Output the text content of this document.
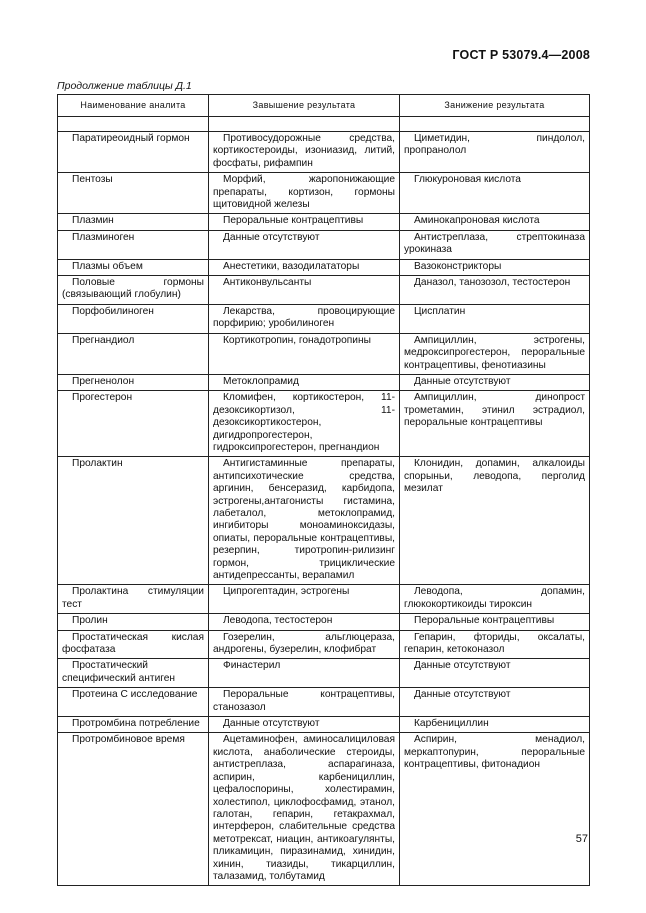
ГОСТ Р 53079.4—2008
Продолжение таблицы Д.1
Наименование аналита	Завышение результата	Занижение результата

Паратиреоидный гормон	Противосудорожные средства, кортикостероиды, изониазид, литий, фосфаты, рифампин	Циметидин, пиндолол, пропранолол

Пентозы	Морфий, жаропонижающие препараты, кортизон, гормоны щитовидной железы	Глюкуроновая кислота

Плазмин	Пероральные контрацептивы	Аминокапроновая кислота

Плазминоген	Данные отсутствуют	Антистреплаза, стрептокиназа урокиназа

Плазмы объем	Анестетики, вазодилататоры	Вазоконстрикторы

Половые гормоны (связывающий глобулин)	Антиконвульсанты	Даназол, танозозол, тестостерон

Порфобилиноген	Лекарства, провоцирующие порфирию; уробилиноген	Цисплатин

Прегнандиол	Кортикотропин, гонадотропины	Ампициллин, эстрогены, медроксипрогестерон, пероральные контрацептивы, фенотиазины

Прегненолон	Метоклопрамид	Данные отсутствуют

Прогестерон	Кломифен, кортикостерон, 11-дезоксикортизол, 11-дезоксикортикостерон, дигидропрогестерон, гидроксипрогестерон, прегнандион	Ампициллин, динопрост трометамин, этинил эстрадиол, пероральные контрацептивы

Пролактин	Антигистаминные препараты, антипсихотические средства, аргинин, бенсеразид, карбидопа, эстрогены,антагонисты гистамина, лабеталол, метоклопрамид, ингибиторы моноаминоксидазы, опиаты, пероральные контрацептивы, резерпин, тиротропин-рилизинг гормон, трициклические антидепрессанты, верапамил	Клонидин, допамин, алкалоиды спорыньи, леводопа, перголид мезилат

Пролактина стимуляции тест	Ципрогептадин, эстрогены	Леводопа, допамин, глюкокортикоиды тироксин

Пролин	Леводопа, тестостерон	Пероральные контрацептивы

Простатическая кислая фосфатаза	Гозерелин, альглюцераза, андрогены, бузерелин, клофибрат	Гепарин, фториды, оксалаты, гепарин, кетоконазол

Простатический специфический антиген	Финастерил	Данные отсутствуют

Протеина С исследование	Пероральные контрацептивы, станозазол	Данные отсутствуют

Протромбина потребление	Данные отсутствуют	Карбенициллин

Протромбиновое время	Ацетаминофен, аминосалициловая кислота, анаболические стероиды, антистреплаза, аспарагиназа, аспирин, карбенициллин, цефалоспорины, холестирамин, холестипол, циклофосфамид, этанол, галотан, гепарин, гетакрахмал, интерферон, слабительные средства метотрексат, ниацин, антикоагулянты, пликамицин, пиразинамид, хинидин, хинин, тиазиды, тикарциллин, талазамид, толбутамид	Аспирин, менадиол, меркаптопурин, пероральные контрацептивы, фитонадион
57
